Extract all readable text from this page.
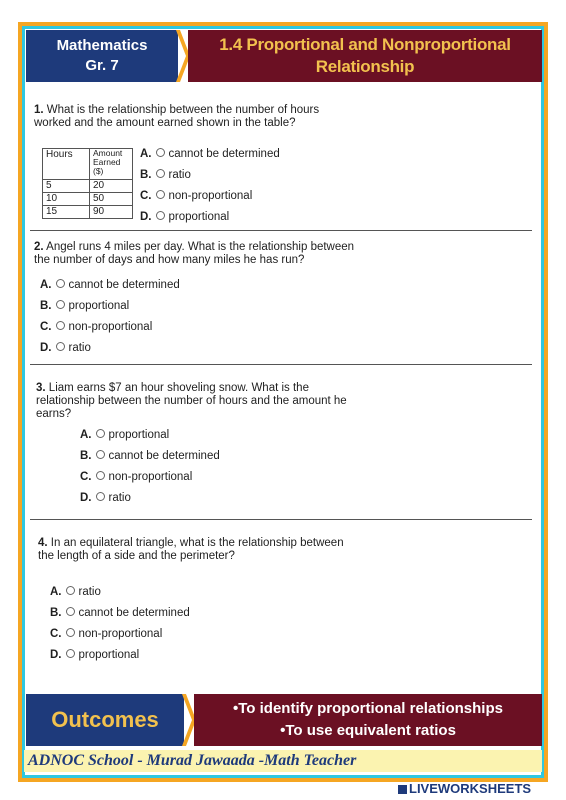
Mathematics
Gr. 7
1.4 Proportional and Nonproportional
Relationship
1. What is the relationship between the number of hours
worked and the amount earned shown in the table?
Hours	Amount Earned ($)
5	20
10	50
15	90
A. cannot be determined
B. ratio
C. non-proportional
D. proportional
2. Angel runs 4 miles per day. What is the relationship between
the number of days and how many miles he has run?
A. cannot be determined
B. proportional
C. non-proportional
D. ratio
3. Liam earns $7 an hour shoveling snow. What is the
relationship between the number of hours and the amount he
earns?
A. proportional
B. cannot be determined
C. non-proportional
D. ratio
4. In an equilateral triangle, what is the relationship between
the length of a side and the perimeter?
A. ratio
B. cannot be determined
C. non-proportional
D. proportional
Outcomes	•To identify proportional relationships
•To use equivalent ratios
ADNOC School - Murad Jawaada -Math Teacher
LIVEWORKSHEETS
